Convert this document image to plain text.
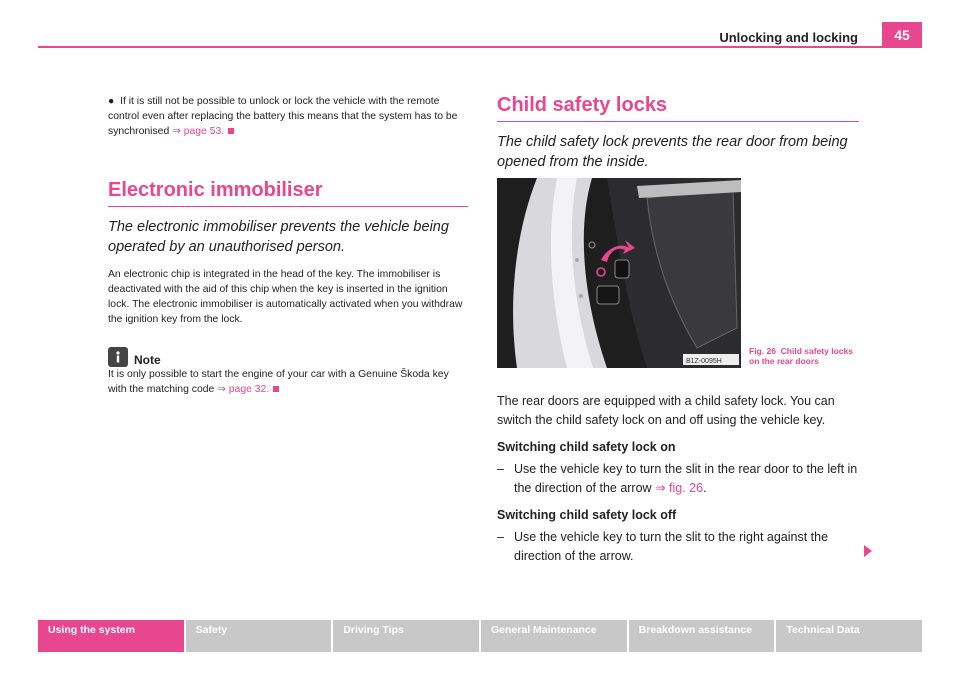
Unlocking and locking	45

● If it is still not be possible to unlock or lock the vehicle with the remote control even after replacing the battery this means that the system has to be synchronised ⇒ page 53.

Electronic immobiliser

The electronic immobiliser prevents the vehicle being operated by an unauthorised person.

An electronic chip is integrated in the head of the key. The immobiliser is deactivated with the aid of this chip when the key is inserted in the ignition lock. The electronic immobiliser is automatically activated when you withdraw the ignition key from the lock.

Note

It is only possible to start the engine of your car with a Genuine Škoda key with the matching code ⇒ page 32.

Child safety locks

The child safety lock prevents the rear door from being opened from the inside.

B1Z-0095H
Fig. 26 Child safety locks on the rear doors

The rear doors are equipped with a child safety lock. You can switch the child safety lock on and off using the vehicle key.

Switching child safety lock on

– Use the vehicle key to turn the slit in the rear door to the left in the direction of the arrow ⇒ fig. 26.

Switching child safety lock off

– Use the vehicle key to turn the slit to the right against the direction of the arrow.
Using the system	Safety	Driving Tips	General Maintenance	Breakdown assistance	Technical Data
